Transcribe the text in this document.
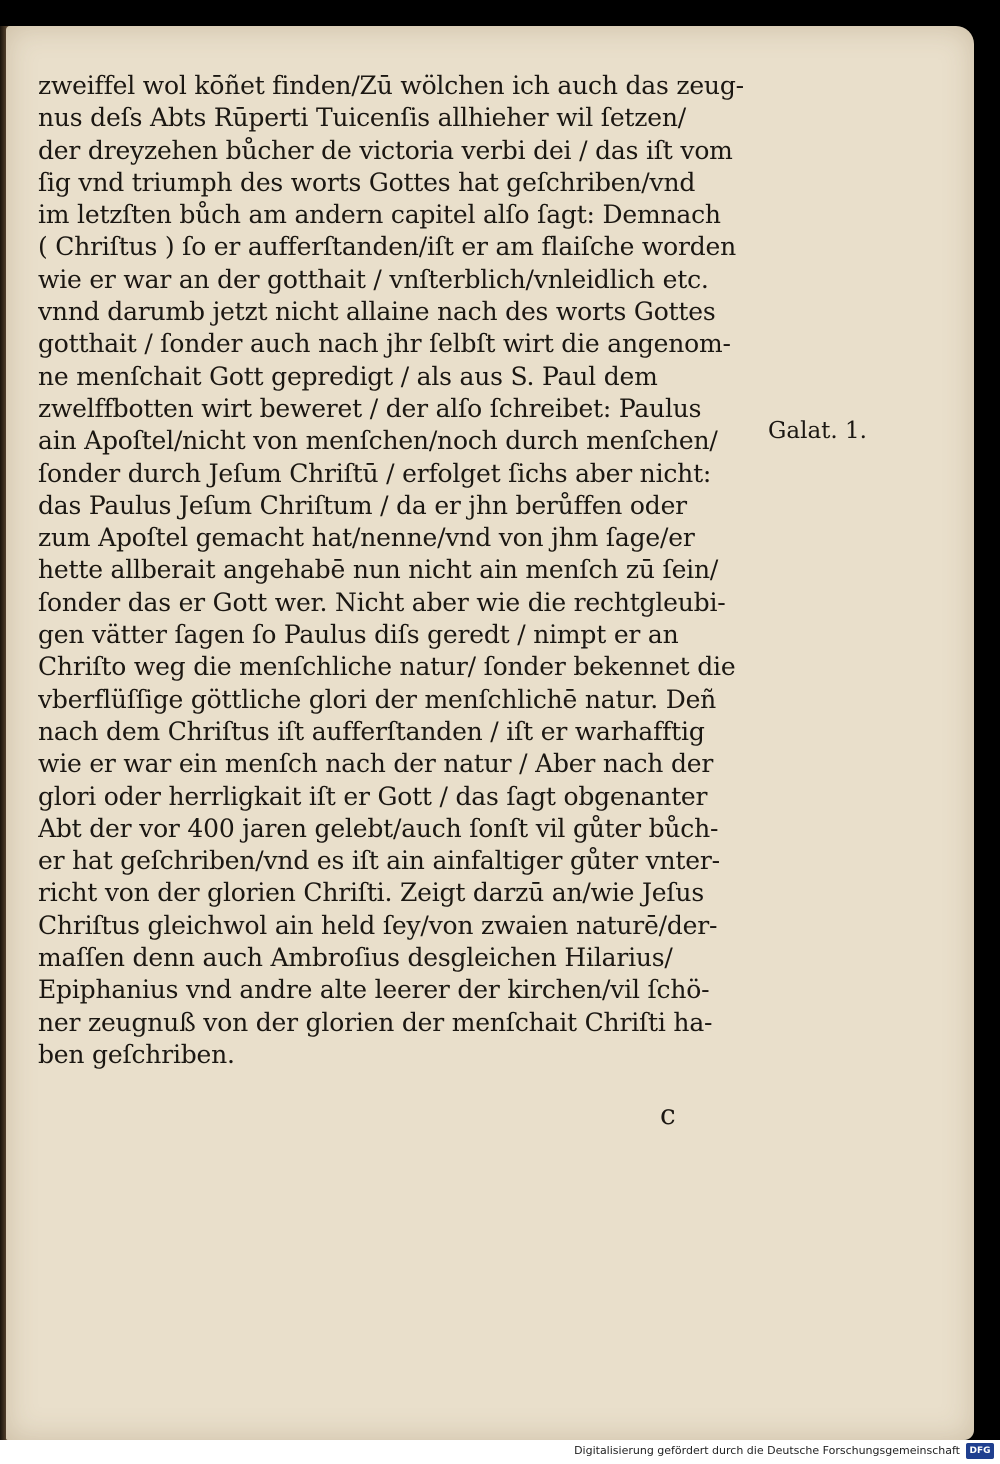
zweiffel wol kōñet finden/Zū wölchen ich auch das zeug-
nus deſs Abts Rūperti Tuicenſis allhieher wil ſetzen/
der dreyzehen bůcher de victoria verbi dei / das iſt vom
ſig vnd triumph des worts Gottes hat geſchriben/vnd
im letzſten bůch am andern capitel alſo ſagt: Demnach
( Chriſtus ) ſo er aufferſtanden/iſt er am flaiſche worden
wie er war an der gotthait / vnſterblich/vnleidlich etc.
vnnd darumb jetzt nicht allaine nach des worts Gottes
gotthait / ſonder auch nach jhr ſelbſt wirt die angenom-
ne menſchait Gott gepredigt / als aus S. Paul dem
zwelffbotten wirt beweret / der alſo ſchreibet: Paulus
ain Apoſtel/nicht von menſchen/noch durch menſchen/
ſonder durch Jeſum Chriſtū / erfolget ſichs aber nicht:
das Paulus Jeſum Chriſtum / da er jhn berůffen oder
zum Apoſtel gemacht hat/nenne/vnd von jhm ſage/er
hette allberait angehabē nun nicht ain menſch zū ſein/
ſonder das er Gott wer. Nicht aber wie die rechtgleubi-
gen vätter ſagen ſo Paulus diſs geredt / nimpt er an
Chriſto weg die menſchliche natur/ ſonder bekennet die
vberflüſſige göttliche glori der menſchlichē natur. Deñ
nach dem Chriſtus iſt aufferſtanden / iſt er warhafftig
wie er war ein menſch nach der natur / Aber nach der
glori oder herrligkait iſt er Gott / das ſagt obgenanter
Abt der vor 400 jaren gelebt/auch ſonſt vil gůter bůch-
er hat geſchriben/vnd es iſt ain ainfaltiger gůter vnter-
richt von der glorien Chriſti. Zeigt darzū an/wie Jeſus
Chriſtus gleichwol ain held ſey/von zwaien naturē/der-
maſſen denn auch Ambroſius desgleichen Hilarius/
Epiphanius vnd andre alte leerer der kirchen/vil ſchö-
ner zeugnuß von der glorien der menſchait Chriſti ha-
ben geſchriben.
Galat. 1.
c
Digitalisierung gefördert durch die Deutsche Forschungsgemeinschaft	DFG
